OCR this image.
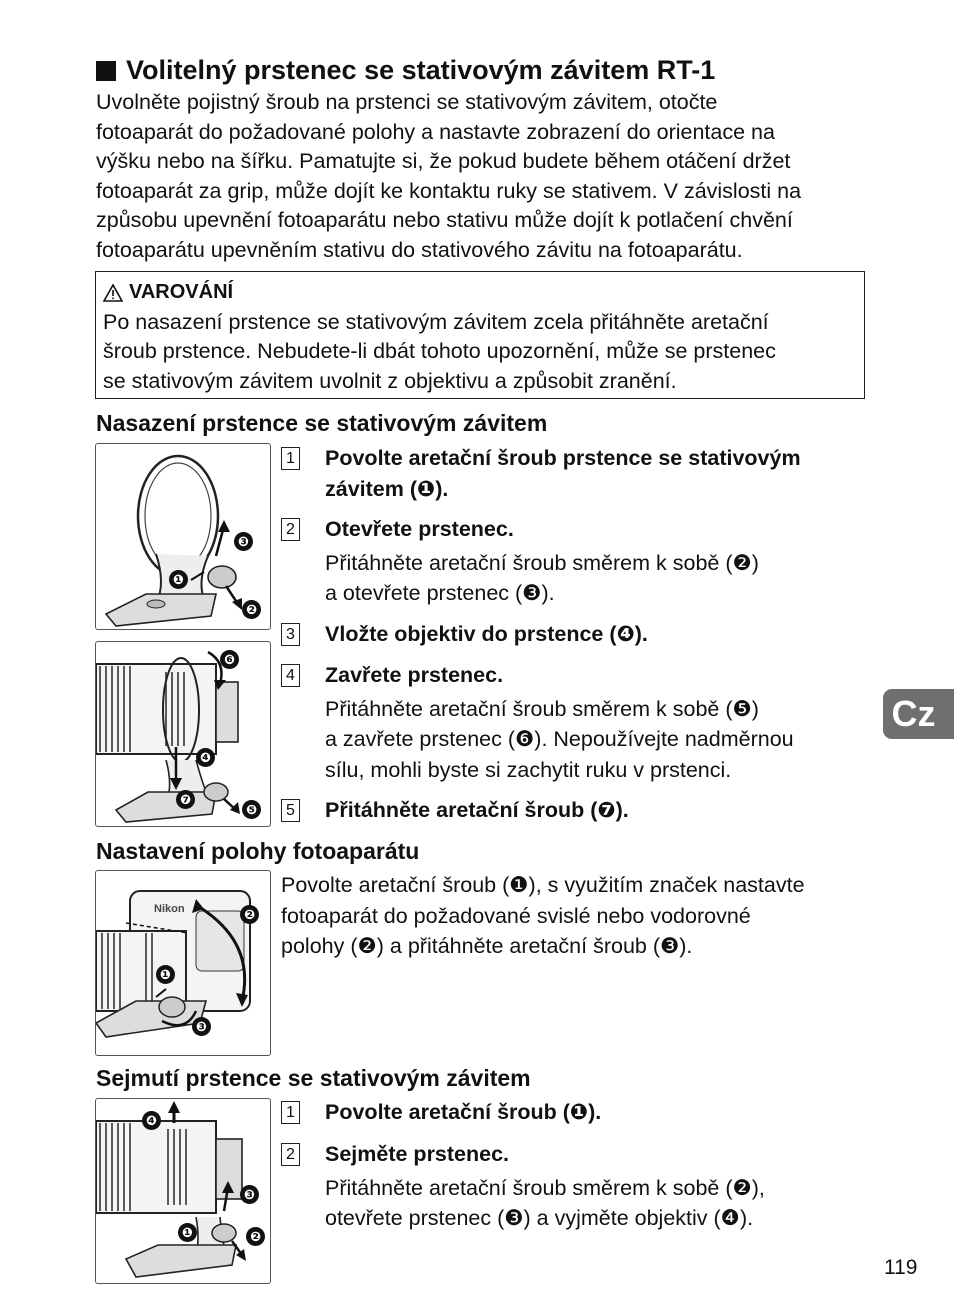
Volitelný prstenec se stativovým závitem RT-1
Uvolněte pojistný šroub na prstenci se stativovým závitem, otočte
fotoaparát do požadované polohy a nastavte zobrazení do orientace na
výšku nebo na šířku. Pamatujte si, že pokud budete během otáčení držet
fotoaparát za grip, může dojít ke kontaktu ruky se stativem. V závislosti na
způsobu upevnění fotoaparátu nebo stativu může dojít k potlačení chvění
fotoaparátu upevněním stativu do stativového závitu na fotoaparátu.
VAROVÁNÍ
Po nasazení prstence se stativovým závitem zcela přitáhněte aretační
šroub prstence. Nebudete-li dbát tohoto upozornění, může se prstenec
se stativovým závitem uvolnit z objektivu a způsobit zranění.
Nasazení prstence se stativovým závitem
❸
❶
❷
❻
❹
❼
❺
1 Povolte aretační šroub prstence se stativovým
závitem (❶).
2 Otevřete prstenec.
Přitáhněte aretační šroub směrem k sobě (❷)
a otevřete prstenec (❸).
3 Vložte objektiv do prstence (❹).
4 Zavřete prstenec.
Přitáhněte aretační šroub směrem k sobě (❺)
a zavřete prstenec (❻). Nepoužívejte nadměrnou
sílu, mohli byste si zachytit ruku v prstenci.
5 Přitáhněte aretační šroub (❼).
Nastavení polohy fotoaparátu
Nikon	❷
❶
❸
Povolte aretační šroub (❶), s využitím značek nastavte
fotoaparát do požadované svislé nebo vodorovné
polohy (❷) a přitáhněte aretační šroub (❸).
Sejmutí prstence se stativovým závitem
❹
❸
❶	❷
1 Povolte aretační šroub (❶).
2 Sejměte prstenec.
Přitáhněte aretační šroub směrem k sobě (❷),
otevřete prstenec (❸) a vyjměte objektiv (❹).
Cz
119
